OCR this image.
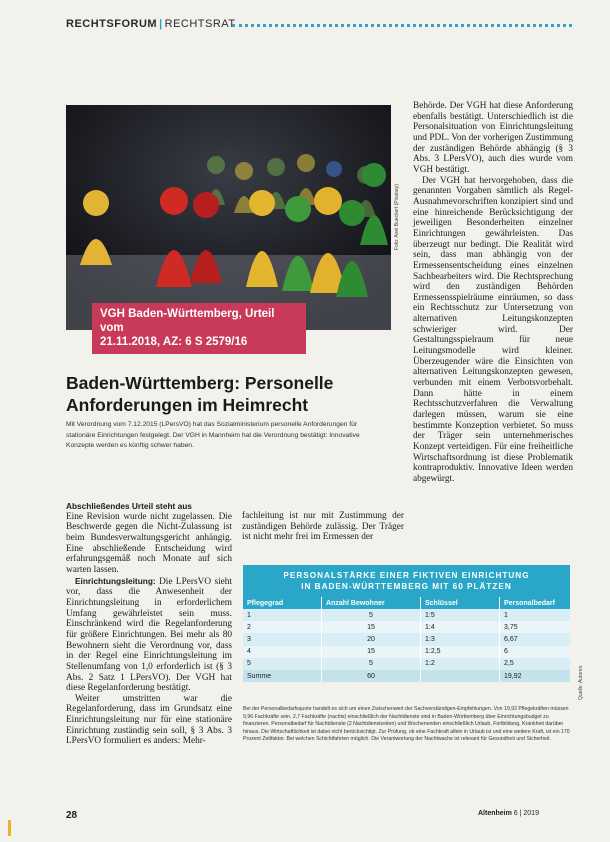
RECHTSFORUM | RECHTSRAT
Foto: Axel Bueckert (Pixabay)
VGH Baden-Württemberg, Urteil vom
21.11.2018, AZ: 6 S 2579/16
Baden-Württemberg: Personelle Anforderungen im Heimrecht
Mit Verordnung vom 7.12.2015 (LPersVO) hat das Sozialministerium personelle Anforderungen für stationäre Einrichtungen festgelegt. Der VGH in Mannheim hat die Verordnung bestätigt: Innovative Konzepte werden es künftig schwer haben.

Abschließendes Urteil steht aus

Eine Revision wurde nicht zugelassen. Die Beschwerde gegen die Nicht-Zulassung ist beim Bundesverwaltungsgericht anhängig. Eine abschließende Entscheidung wird erfahrungsgemäß noch Monate auf sich warten lassen.

Einrichtungsleitung: Die LPersVO sieht vor, dass die Anwesenheit der Einrichtungsleitung in erforderlichem Umfang gewährleistet sein muss. Einschränkend wird die Regelanforderung für größere Einrichtungen. Bei mehr als 80 Bewohnern sieht die Verordnung vor, dass in der Regel eine Einrichtungsleitung im Stellenumfang von 1,0 erforderlich ist (§ 3 Abs. 2 Satz 1 LPersVO). Der VGH hat diese Regelanforderung bestätigt.

Weiter umstritten war die Regelanforderung, dass im Grundsatz eine Einrichtungsleitung nur für eine stationäre Einrichtung zuständig sein soll, § 3 Abs. 3 LPersVO formuliert es anders: Mehr-

fachleitung ist nur mit Zustimmung der zuständigen Behörde zulässig. Der Träger ist nicht mehr frei im Ermessen der

Behörde. Der VGH hat diese Anforderung ebenfalls bestätigt. Unterschiedlich ist die Personalsituation von Einrichtungsleitung und PDL. Von der vorherigen Zustimmung der zuständigen Behörde abhängig (§ 3 Abs. 3 LPersVO), auch dies wurde vom VGH bestätigt.

Der VGH hat hervorgehoben, dass die genannten Vorgaben sämtlich als Regel-Ausnahmevorschriften konzipiert sind und eine hinreichende Berücksichtigung der jeweiligen Besonderheiten einzelner Einrichtungen gewährleisten. Das überzeugt nur bedingt. Die Realität wird sein, dass man abhängig von der Ermessensentscheidung eines einzelnen Sachbearbeiters wird. Die Rechtsprechung wird den zuständigen Behörden Ermessensspielräume einräumen, so dass ein Rechtsschutz zur Untersetzung von alternativen Leitungskonzepten schwieriger wird. Der Gestaltungsspielraum für neue Leitungsmodelle wird kleiner. Überzeugender wäre die Einsichten von alternativen Leitungskonzepten gewesen, verbunden mit einem Verbotsvorbehalt. Dann hätte in einem Rechtsschutzverfahren die Verwaltung darlegen müssen, warum sie eine bestimmte Konzeption verbietet. So muss der Träger sein unternehmerisches Konzept verteidigen. Für eine freiheitliche Wirtschaftsordnung ist diese Problematik kontraproduktiv. Innovative Ideen werden abgewürgt.

PERSONALSTÄRKE EINER FIKTIVEN EINRICHTUNG
IN BADEN-WÜRTTEMBERG MIT 60 PLÄTZEN
Pflegegrad	Anzahl Bewohner	Schlüssel	Personalbedarf
1	5	1:5	1
2	15	1:4	3,75
3	20	1:3	6,67
4	15	1:2,5	6
5	5	1:2	2,5
Summe	60		19,92
Bei der Personalbedarfsquote handelt es sich um einen Zwischenwert der Sachverständigen-Empfehlungen. Von 19,92 Pflegekräften müssen 9,96 Fachkräfte sein. 2,7 Fachkräfte (nachts) einschließlich der Nachtdienste sind in Baden-Württemberg über Einrichtungsbudget zu finanzieren. Personalbedarf für Nachtdienste (2 Nachtdienstzeiten) und Wochenenden einschließlich Urlaub, Fortbildung, Krankheit darüber hinaus. Die Wirtschaftlichkeit ist dabei nicht berücksichtigt. Zur Prüfung, ob eine Fachkraft allein in Urlaub ist und eine weitere Kraft, ist ein 170 Prozent Zeitfaktor. Bei welchen Schichtfahrten möglich. Die Verantwortung der Nachtwache ist relevant für Gesundheit und Sicherheit.
Quelle: Autoren
28	Altenheim 6 | 2019
